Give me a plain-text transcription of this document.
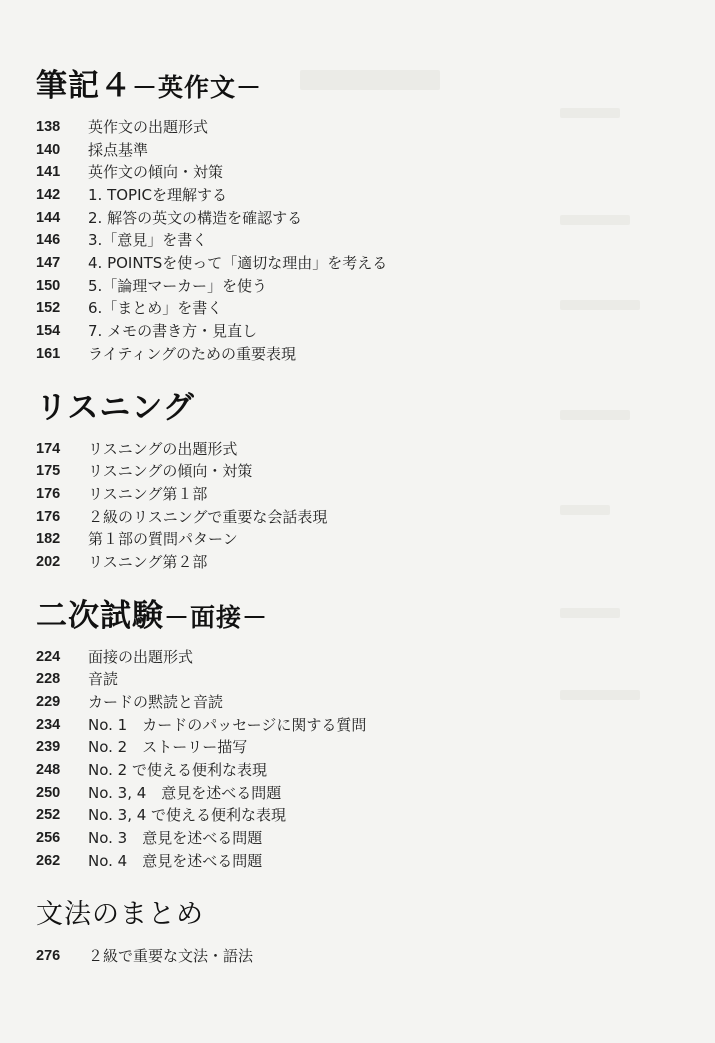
筆記４－英作文－
138	英作文の出題形式
140	採点基準
141	英作文の傾向・対策
142	1. TOPICを理解する
144	2. 解答の英文の構造を確認する
146	3.「意見」を書く
147	4. POINTSを使って「適切な理由」を考える
150	5.「論理マーカー」を使う
152	6.「まとめ」を書く
154	7. メモの書き方・見直し
161	ライティングのための重要表現
リスニング
174	リスニングの出題形式
175	リスニングの傾向・対策
176	リスニング第１部
176	２級のリスニングで重要な会話表現
182	第１部の質問パターン
202	リスニング第２部
二次試験－面接－
224	面接の出題形式
228	音読
229	カードの黙読と音読
234	No. 1　カードのパッセージに関する質問
239	No. 2　ストーリー描写
248	No. 2 で使える便利な表現
250	No. 3, 4　意見を述べる問題
252	No. 3, 4 で使える便利な表現
256	No. 3　意見を述べる問題
262	No. 4　意見を述べる問題
文法のまとめ
276	２級で重要な文法・語法
